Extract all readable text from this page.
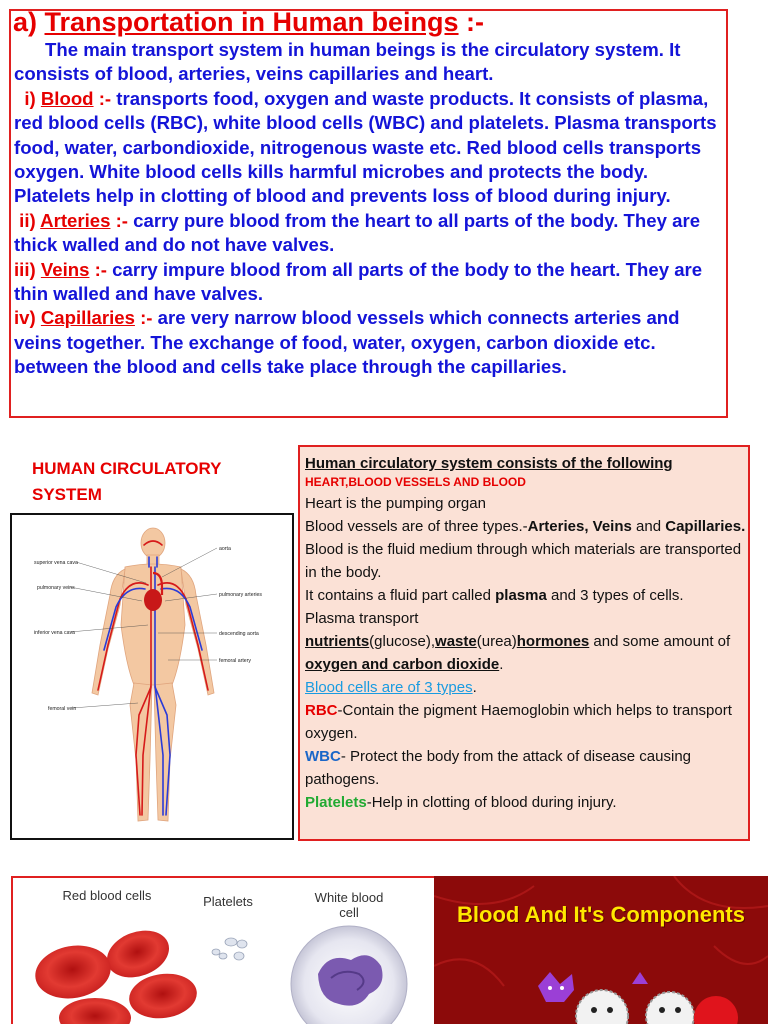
a) Transportation in Human beings :-

The main transport system in human beings is the circulatory system. It consists of blood, arteries, veins capillaries and heart.

i) Blood :- transports food, oxygen and waste products. It consists of plasma, red blood cells (RBC), white blood cells (WBC) and platelets. Plasma transports food, water, carbondioxide, nitrogenous waste etc. Red blood cells transports oxygen. White blood cells kills harmful microbes and protects the body. Platelets help in clotting of blood and prevents loss of blood during injury.

ii) Arteries :- carry pure blood from the heart to all parts of the body. They are thick walled and do not have valves.

iii) Veins :- carry impure blood from all parts of the body to the heart. They are thin walled and have valves.

iv) Capillaries :- are very narrow blood vessels which connects arteries and veins together. The exchange of food, water, oxygen, carbon dioxide etc. between the blood and cells take place through the capillaries.

HUMAN CIRCULATORY SYSTEM
aorta
superior vena cava
pulmonary veins
pulmonary arteries
inferior vena cava	descending aorta
femoral artery
femoral vein

Human circulatory system consists of the following

HEART,BLOOD VESSELS AND BLOOD

Heart is the pumping organ

Blood vessels are of three types.-Arteries, Veins and Capillaries.

Blood is the fluid medium through which materials are transported in the body.

It contains a fluid part called plasma and 3 types of cells.

Plasma transport

nutrients(glucose),waste(urea)hormones and some amount of oxygen and carbon dioxide.

Blood cells are of 3 types.

RBC-Contain the pigment Haemoglobin which helps to transport oxygen.

WBC- Protect the body from the attack of disease causing pathogens.

Platelets-Help in clotting of blood during injury.

Red blood cells	Platelets	White blood cell	Blood And It's Components
